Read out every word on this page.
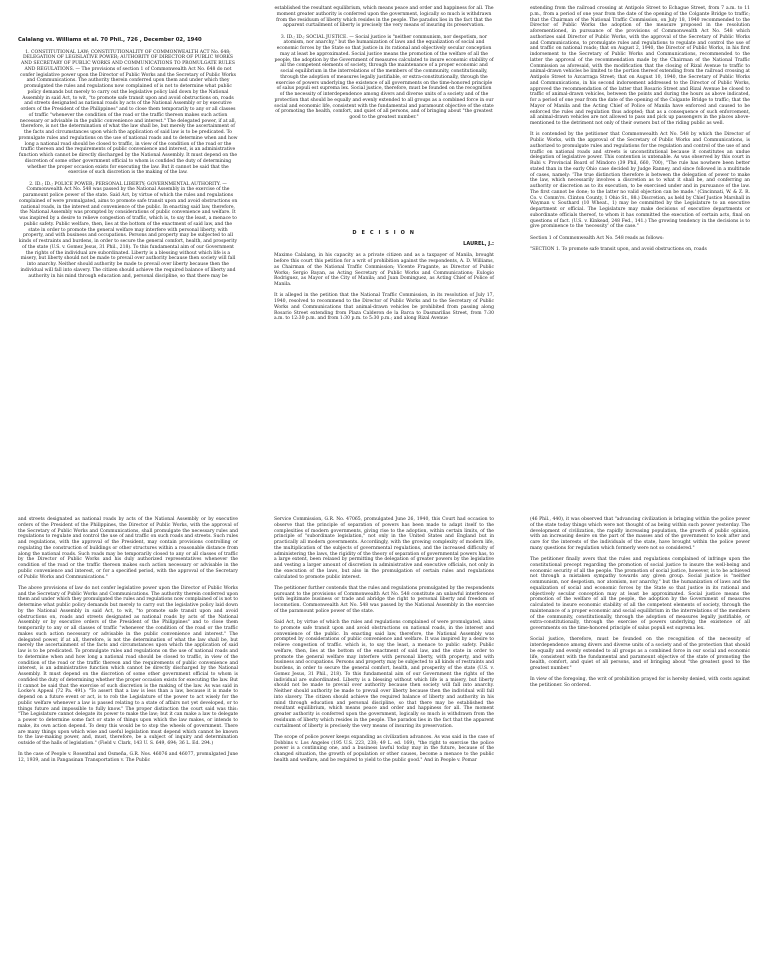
Calalang vs. Williams et al. 70 Phil., 726 , December 02, 1940

1. CONSTITUTIONAL LAW; CONSTITUTIONALITY OF COMMONWEALTH ACT No. 648; DELEGATION OF LEGISLATIVE POWER; AUTHORITY OF DIRECTOR OF PUBLIC WORKS AND SECRETARY OF PUBLIC WORKS AND COMMUNICATIONS TO PROMULGATE RULES AND REGULATIONS. — The provisions of section 1 of Commonwealth Act No. 648 do not confer legislative power upon the Director of Public Works and the Secretary of Public Works and Communications. The authority therein conferred upon them and under which they promulgated the rules and regulations now complained of is not to determine what public policy demands but merely to carry out the legislative policy laid down by the National Assembly in said Act, to wit, "to promote safe transit upon and avoid obstructions on, roads and streets designated as national roads by acts of the National Assembly or by executive orders of the President of the Philippines" and to close them temporarily to any or all classes of traffic "whenever the condition of the road or the traffic thereon makes such action necessary or advisable in the public convenience and interest." The delegated power, if at all, therefore, is not the determination of what the law shall be, but merely the ascertainment of the facts and circumstances upon which the application of said law is to be predicated. To promulgate rules and regulations on the use of national roads and to determine when and how long a national road should be closed to traffic, in view of the condition of the road or the traffic thereon and the requirements of public convenience and interest, is an administrative function which cannot be directly discharged by the National Assembly. It must depend on the discretion of some other government official to whom is confided the duty of determining whether the proper occasion exists for executing the law. But it cannot be said that the exercise of such discretion is the making of the law.

2. ID.; ID.; POLICE POWER; PERSONAL LIBERTY; GOVERNMENTAL AUTHORITY. — Commonwealth Act No. 548 was passed by the National Assembly in the exercise of the paramount police power of the state. Said Act, by virtue of which the rules and regulations complained of were promulgated, aims to promote safe transit upon and avoid obstructions on national roads, in the interest and convenience of the public. In enacting said law, therefore, the National Assembly was prompted by considerations of public convenience and welfare. It was inspired by a desire to relieve congestion of traffic, which is, to say the least, a menace to public safety. Public welfare, then, lies at the bottom of the enactment of said law, and the state in order to promote the general welfare may interfere with personal liberty, with property, and with business and occupations. Persons and property may be subjected to all kinds of restraints and burdens, in order to secure the general comfort, health, and prosperity of the state (U.S. v. Gomez Jesus, 31 Phil., 218). To this fundamental aim of our Government the rights of the individual are subordinated. Liberty is a blessing without which life is a misery, but liberty should not be made to prevail over authority because then society will fall into anarchy. Neither should authority be made to prevail over liberty because then the individual will fall into slavery. The citizen should achieve the required balance of liberty and authority in his mind through education and, personal discipline, so that there may be

established the resultant equilibrium, which means peace and order and happiness for all. The moment greater authority is conferred upon the government, logically so much is withdrawn from the residuum of liberty which resides in the people. The paradox lies in the fact that the apparent curtailment of liberty is precisely the very means of insuring its preservation.

3. ID.; ID.; SOCIAL JUSTICE. — Social justice is "neither communism, nor despotism, nor atomism, nor anarchy," but the humanization of laws and the equalization of social and economic forces by the State so that justice in its rational and objectively secular conception may at least be approximated. Social justice means the promotion of the welfare of all the people, the adoption by the Government of measures calculated to insure economic stability of all the competent elements of society, through the maintenance of a proper economic and social equilibrium in the interrelations of the members of the community, constitutionally, through the adoption of measures legally justifiable, or extra-constitutionally, through the exercise of powers underlying the existence of all governments on the time-honored principle of salus populi est suprema lex. Social justice, therefore, must be founded on the recognition of the necessity of interdependence among divers and diverse units of a society and of the protection that should be equally and evenly extended to all groups as a combined force in our social and economic life, consistent with the fundamental and paramount objective of the state of promoting the health, comfort, and quiet of all persons, and of bringing about "the greatest good to the greatest number."

D E C I S I O N

LAUREL, J.:

Maximo Calalang, in his capacity as a private citizen and as a taxpayer of Manila, brought before this court this petition for a writ of prohibition against the respondents, A. D. Williams, as Chairman of the National Traffic Commission; Vicente Fragante, as Director of Public Works; Sergio Bayan, as Acting Secretary of Public Works and Communications; Eulogio Rodriguez, as Mayor of the City of Manila; and Juan Dominguez, as Acting Chief of Police of Manila.

It is alleged in the petition that the National Traffic Commission, in its resolution of July 17, 1940, resolved to recommend to the Director of Public Works and to the Secretary of Public Works and Communications that animal-drawn vehicles be prohibited from passing along Rosario Street extending from Plaza Calderon de la Barca to Dasmariñas Street, from 7:30 a.m. to 12:30 p.m. and from 1:30 p.m. to 5:30 p.m.; and along Rizal Avenue

extending from the railroad crossing at Antipolo Street to Echague Street, from 7 a.m. to 11 p.m., from a period of one year from the date of the opening of the Colgante Bridge to traffic; that the Chairman of the National Traffic Commission, on July 18, 1940 recommended to the Director of Public Works the adoption of the measure proposed in the resolution aforementioned, in pursuance of the provisions of Commonwealth Act No. 548 which authorizes said Director of Public Works, with the approval of the Secretary of Public Works and Communications, to promulgate rules and regulations to regulate and control the use of and traffic on national roads; that on August 2, 1940, the Director of Public Works, in his first indorsement to the Secretary of Public Works and Communications, recommended to the latter the approval of the recommendation made by the Chairman of the National Traffic Commission as aforesaid, with the modification that the closing of Rizal Avenue to traffic to animal-drawn vehicles be limited to the portion thereof extending from the railroad crossing at Antipolo Street to Azcarraga Street; that on August 10, 1940, the Secretary of Public Works and Communications, in his second indorsement addressed to the Director of Public Works, approved the recommendation of the latter that Rosario Street and Rizal Avenue be closed to traffic of animal-drawn vehicles, between the points and during the hours as above indicated, for a period of one year from the date of the opening of the Colgante Bridge to traffic; that the Mayor of Manila and the Acting Chief of Police of Manila have enforced and caused to be enforced the rules and regulation thus adopted; that as a consequence of such enforcement, all animal-drawn vehicles are not allowed to pass and pick up passengers in the places above-mentioned to the detriment not only of their owners but of the riding public as well.

It is contended by the petitioner that Commonwealth Act No. 548 by which the Director of Public Works, with the approval of the Secretary of Public Works and Communications, is authorized to promulgate rules and regulations for the regulation and control of the use of and traffic on national roads and streets is unconstitutional because it constitutes an undue delegation of legislative power. This contention is untenable. As was observed by this court in Rubi v. Provincial Board of Mindoro (39 Phil, 660, 700), "The rule has nowhere been better stated than in the early Ohio case decided by Judge Ranney, and since followed in a multitude of cases, namely: 'The true distinction therefore is between the delegation of power to make the law, which necessarily involves a discretion as to what it shall be, and conferring an authority or discretion as to its execution, to be exercised under and in pursuance of the law. The first cannot be done; to the latter no valid objection can be made.' (Cincinnati, W. & Z. R. Co. v. Comm'rs. Clinton County, 1 Ohio St., 88.) Discretion, as held by Chief Justice Marshall in Wayman v. Southard (10 Wheat., 1) may be committed by the Legislature to an executive department or official. The Legislature may make decisions of executive departments or subordinate officials thereof, to whom it has committed the execution of certain acts, final on questions of fact. (U.S. v. Kinkead, 248 Fed., 141.) The growing tendency in the decisions is to give prominence to the 'necessity' of the case."

Section 1 of Commonwealth Act No. 548 reads as follows:

"SECTION 1. To promote safe transit upon, and avoid obstructions on, roads

and streets designated as national roads by acts of the National Assembly or by executive orders of the President of the Philippines, the Director of Public Works, with the approval of the Secretary of Public Works and Communications, shall promulgate the necessary rules and regulations to regulate and control the use of and traffic on such roads and streets. Such rules and regulations, with the approval of the President, may contain provisions controlling or regulating the construction of buildings or other structures within a reasonable distance from along the national roads. Such roads may be temporarily closed to any or all classes of traffic by the Director of Public Works and his duly authorized representatives whenever the condition of the road or the traffic thereon makes such action necessary or advisable in the public convenience and interest, or for a specified period, with the approval of the Secretary of Public Works and Communications."

The above provisions of law do not confer legislative power upon the Director of Public Works and the Secretary of Public Works and Communications. The authority therein conferred upon them and under which they promulgated the rules and regulations now complained of is not to determine what public policy demands but merely to carry out the legislative policy laid down by the National Assembly in said Act, to wit, "to promote safe transit upon and avoid obstructions on, roads and streets designated as national roads by acts of the National Assembly or by executive orders of the President of the Philippines" and to close them temporarily to any or all classes of traffic "whenever the condition of the road or the traffic makes such action necessary or advisable in the public convenience and interest." The delegated power, if at all, therefore, is not the determination of what the law shall be, but merely the ascertainment of the facts and circumstances upon which the application of said law is to be predicated. To promulgate rules and regulations on the use of national roads and to determine when and how long a national road should be closed to traffic, in view of the condition of the road or the traffic thereon and the requirements of public convenience and interest, is an administrative function which cannot be directly discharged by the National Assembly. It must depend on the discretion of some other government official to whom is confided the duty of determining whether the proper occasion exists for executing the law. But it cannot be said that the exercise of such discretion is the making of the law. As was said in Locke's Appeal (72 Pa. 491): "To assert that a law is less than a law, because it is made to depend on a future event or act, is to rob the Legislature of the power to act wisely for the public welfare whenever a law is passed relating to a state of affairs not yet developed, or to things future and impossible to fully know." The proper distinction the court said was this: "The Legislature cannot delegate its power to make the law; but it can make a law to delegate a power to determine some fact or state of things upon which the law makes, or intends to make, its own action depend. To deny this would be to stop the wheels of government. There are many things upon which wise and useful legislation must depend which cannot be known to the law-making power, and, must, therefore, be a subject of inquiry and determination outside of the halls of legislation." (Field v. Clark, 143 U. S. 649, 694; 36 L. Ed. 294.)

In the case of People v. Rosenthal and Osmeña, G.R. Nos. 46076 and 46077, promulgated June 12, 1939, and in Pangasinan Transportation v. The Public

Service Commission, G.R. No. 47065, promulgated June 26, 1940, this Court had occasion to observe that the principle of separation of powers has been made to adapt itself to the complexities of modern governments, giving rise to the adoption, within certain limits, of the principle of "subordinate legislation," not only in the United States and England but in practically all modern governments. Accordingly, with the growing complexity of modern life, the multiplication of the subjects of governmental regulations, and the increased difficulty of administering the laws, the rigidity of the theory of separation of governmental powers has, to a large extent, been relaxed by permitting the delegation of greater powers by the legislative and vesting a larger amount of discretion in administrative and executive officials, not only in the execution of the laws, but also in the promulgation of certain rules and regulations calculated to promote public interest.

The petitioner further contends that the rules and regulations promulgated by the respondents pursuant to the provisions of Commonwealth Act No. 548 constitute an unlawful interference with legitimate business or trade and abridge the right to personal liberty and freedom of locomotion. Commonwealth Act No. 548 was passed by the National Assembly in the exercise of the paramount police power of the state.

Said Act, by virtue of which the rules and regulations complained of were promulgated, aims to promote safe transit upon and avoid obstructions on national roads, in the interest and convenience of the public. In enacting said law, therefore, the National Assembly was prompted by considerations of public convenience and welfare. It was inspired by a desire to relieve congestion of traffic. which is, to say the least, a menace to public safety. Public welfare, then, lies at the bottom of the enactment of said law, and the state in order to promote the general welfare may interfere with personal liberty, with property, and with business and occupations. Persons and property may be subjected to all kinds of restraints and burdens, in order to secure the general comfort, health, and prosperity of the state (U.S. v. Gomez Jesus, 31 Phil., 218). To this fundamental aim of our Government the rights of the individual are subordinated. Liberty is a blessing without which life is a misery, but liberty should not be made to prevail over authority because then society will fall into anarchy. Neither should authority be made to prevail over liberty because then the individual will fall into slavery. The citizen should achieve the required balance of liberty and authority in his mind through education and personal discipline, so that there may be established the resultant equilibrium, which means peace and order and happiness for all. The moment greater authority is conferred upon the government, logically so much is withdrawn from the residuum of liberty which resides in the people. The paradox lies in the fact that the apparent curtailment of liberty is precisely the very means of insuring its preservation.

The scope of police power keeps expanding as civilization advances. As was said in the case of Dobbins v. Los Angeles (195 U.S. 223, 238; 49 L. ed. 169), "the right to exercise the police power is a continuing one, and a business lawful today may in the future, because of the changed situation, the growth of population or other causes, become a menace to the public health and welfare, and be required to yield to the public good." And in People v. Pomar

(46 Phil., 440), it was observed that "advancing civilization is bringing within the police power of the state today things which were not thought of as being within such power yesterday. The development of civilization, the rapidly increasing population, the growth of public opinion, with an increasing desire on the part of the masses and of the government to look after and care for the interests of the individuals of the state, have brought within the police power many questions for regulation which formerly were not so considered."

The petitioner finally avers that the rules and regulations complained of infringe upon the constitutional precept regarding the promotion of social justice to insure the well-being and economic security of all the people. The promotion of social justice, however, is to be achieved not through a mistaken sympathy towards any given group. Social justice is "neither communism, nor despotism, nor atomism, nor anarchy," but the humanization of laws and the equalization of social and economic forces by the State so that justice in its rational and objectively secular conception may at least be approximated. Social justice means the promotion of the welfare of all the people, the adoption by the Government of measures calculated to insure economic stability of all the competent elements of society, through the maintenance of a proper economic and social equilibrium in the interrelations of the members of the community, constitutionally, through the adoption of measures legally justifiable, or extra-constitutionally, through the exercise of powers underlying the existence of all governments on the time-honored principle of salus populi est suprema lex.

Social justice, therefore, must be founded on the recognition of the necessity of interdependence among divers and diverse units of a society and of the protection that should be equally and evenly extended to all groups as a combined force in our social and economic life, consistent with the fundamental and paramount objective of the state of promoting the health, comfort, and quiet of all persons, and of bringing about "the greatest good to the greatest number."

In view of the foregoing, the writ of prohibition prayed for is hereby denied, with costs against the petitioner. So ordered.
